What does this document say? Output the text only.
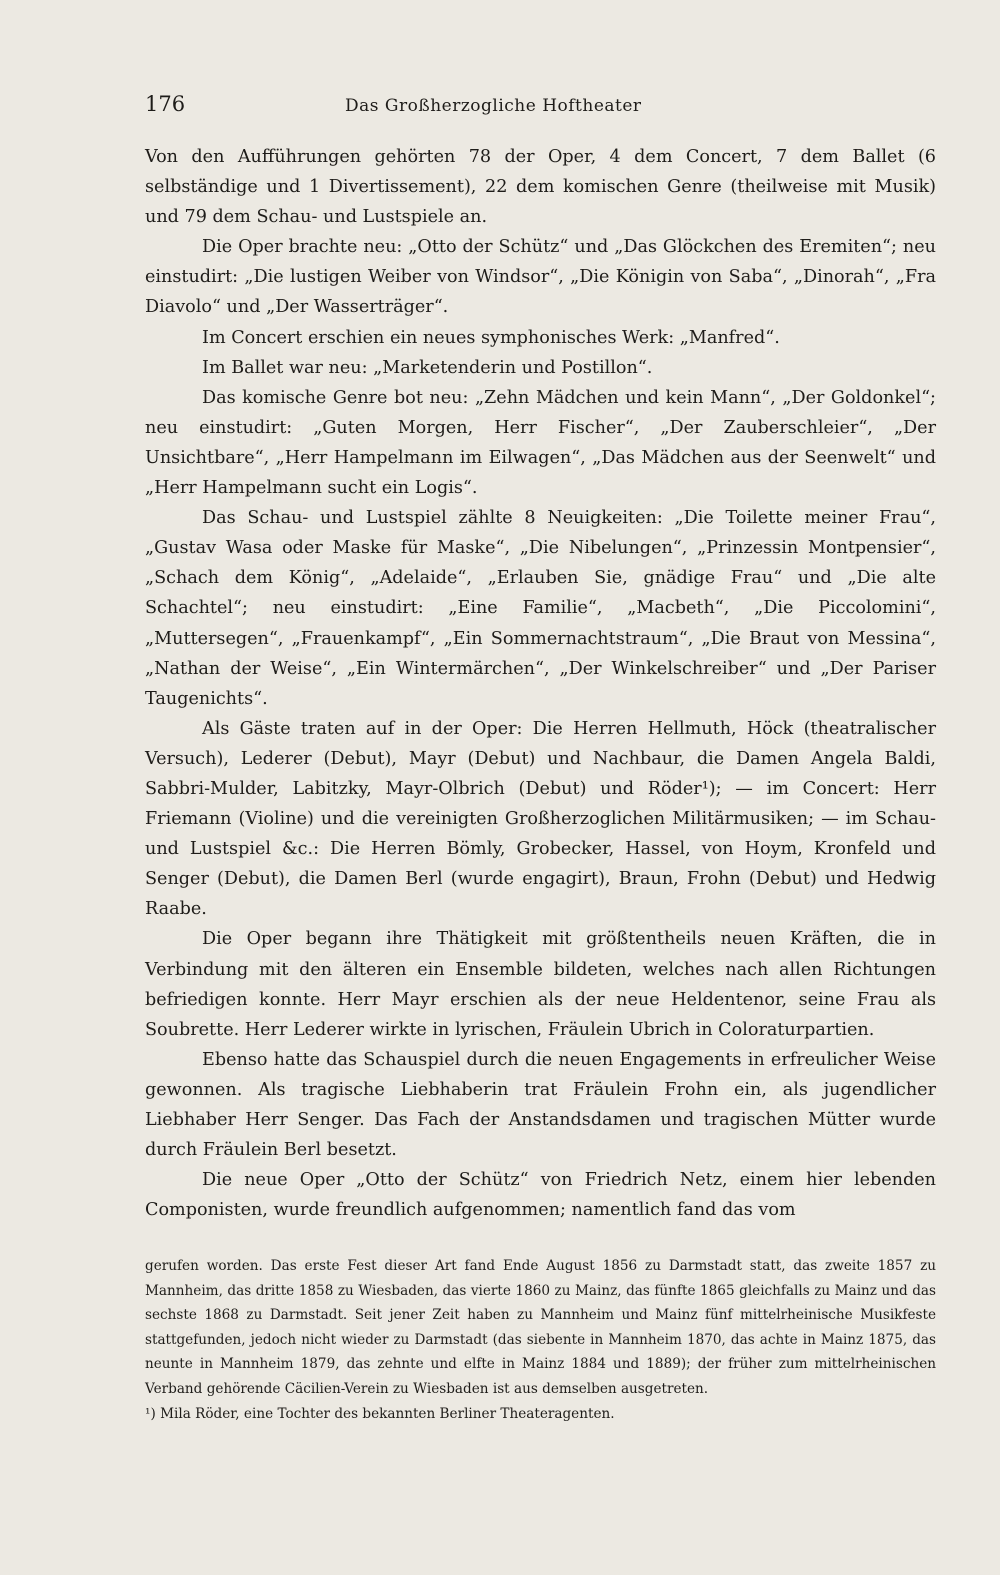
176	Das Großherzogliche Hoftheater

Von den Aufführungen gehörten 78 der Oper, 4 dem Concert, 7 dem Ballet (6 selbständige und 1 Divertissement), 22 dem komischen Genre (theilweise mit Musik) und 79 dem Schau- und Lustspiele an.

Die Oper brachte neu: „Otto der Schütz“ und „Das Glöckchen des Eremiten“; neu einstudirt: „Die lustigen Weiber von Windsor“, „Die Königin von Saba“, „Dinorah“, „Fra Diavolo“ und „Der Wasserträger“.

Im Concert erschien ein neues symphonisches Werk: „Manfred“.

Im Ballet war neu: „Marketenderin und Postillon“.

Das komische Genre bot neu: „Zehn Mädchen und kein Mann“, „Der Goldonkel“; neu einstudirt: „Guten Morgen, Herr Fischer“, „Der Zauberschleier“, „Der Unsichtbare“, „Herr Hampelmann im Eilwagen“, „Das Mädchen aus der Seenwelt“ und „Herr Hampelmann sucht ein Logis“.

Das Schau- und Lustspiel zählte 8 Neuigkeiten: „Die Toilette meiner Frau“, „Gustav Wasa oder Maske für Maske“, „Die Nibelungen“, „Prinzessin Montpensier“, „Schach dem König“, „Adelaide“, „Erlauben Sie, gnädige Frau“ und „Die alte Schachtel“; neu einstudirt: „Eine Familie“, „Macbeth“, „Die Piccolomini“, „Muttersegen“, „Frauenkampf“, „Ein Sommernachtstraum“, „Die Braut von Messina“, „Nathan der Weise“, „Ein Wintermärchen“, „Der Winkelschreiber“ und „Der Pariser Taugenichts“.

Als Gäste traten auf in der Oper: Die Herren Hellmuth, Höck (theatralischer Versuch), Lederer (Debut), Mayr (Debut) und Nachbaur, die Damen Angela Baldi, Sabbri-Mulder, Labitzky, Mayr-Olbrich (Debut) und Röder¹); — im Concert: Herr Friemann (Violine) und die vereinigten Großherzoglichen Militärmusiken; — im Schau- und Lustspiel &c.: Die Herren Bömly, Grobecker, Hassel, von Hoym, Kronfeld und Senger (Debut), die Damen Berl (wurde engagirt), Braun, Frohn (Debut) und Hedwig Raabe.

Die Oper begann ihre Thätigkeit mit größtentheils neuen Kräften, die in Verbindung mit den älteren ein Ensemble bildeten, welches nach allen Richtungen befriedigen konnte. Herr Mayr erschien als der neue Heldentenor, seine Frau als Soubrette. Herr Lederer wirkte in lyrischen, Fräulein Ubrich in Coloraturpartien.

Ebenso hatte das Schauspiel durch die neuen Engagements in erfreulicher Weise gewonnen. Als tragische Liebhaberin trat Fräulein Frohn ein, als jugendlicher Liebhaber Herr Senger. Das Fach der Anstandsdamen und tragischen Mütter wurde durch Fräulein Berl besetzt.

Die neue Oper „Otto der Schütz“ von Friedrich Netz, einem hier lebenden Componisten, wurde freundlich aufgenommen; namentlich fand das vom

gerufen worden. Das erste Fest dieser Art fand Ende August 1856 zu Darmstadt statt, das zweite 1857 zu Mannheim, das dritte 1858 zu Wiesbaden, das vierte 1860 zu Mainz, das fünfte 1865 gleichfalls zu Mainz und das sechste 1868 zu Darmstadt. Seit jener Zeit haben zu Mannheim und Mainz fünf mittelrheinische Musikfeste stattgefunden, jedoch nicht wieder zu Darmstadt (das siebente in Mannheim 1870, das achte in Mainz 1875, das neunte in Mannheim 1879, das zehnte und elfte in Mainz 1884 und 1889); der früher zum mittelrheinischen Verband gehörende Cäcilien-Verein zu Wiesbaden ist aus demselben ausgetreten.

¹) Mila Röder, eine Tochter des bekannten Berliner Theateragenten.
